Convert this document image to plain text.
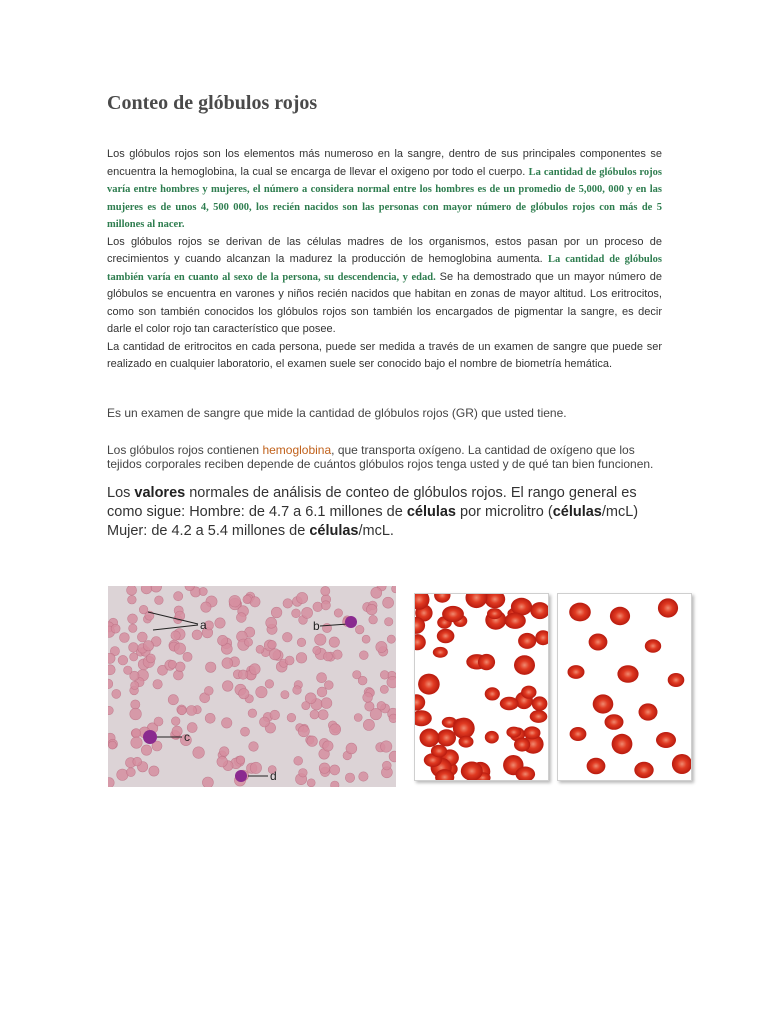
Conteo de glóbulos rojos

Los glóbulos rojos son los elementos más numeroso en la sangre, dentro de sus principales componentes se encuentra la hemoglobina, la cual se encarga de llevar el oxigeno por todo el cuerpo. La cantidad de glóbulos rojos varía entre hombres y mujeres, el número a considera normal entre los hombres es de un promedio de 5,000, 000 y en las mujeres es de unos 4, 500 000, los recién nacidos son las personas con mayor número de glóbulos rojos con más de 5 millones al nacer.

Los glóbulos rojos se derivan de las células madres de los organismos, estos pasan por un proceso de crecimientos y cuando alcanzan la madurez la producción de hemoglobina aumenta. La cantidad de glóbulos también varía en cuanto al sexo de la persona, su descendencia, y edad. Se ha demostrado que un mayor número de glóbulos se encuentra en varones y niños recién nacidos que habitan en zonas de mayor altitud. Los eritrocitos, como son también conocidos los glóbulos rojos son también los encargados de pigmentar la sangre, es decir darle el color rojo tan característico que posee.

La cantidad de eritrocitos en cada persona, puede ser medida a través de un examen de sangre que puede ser realizado en cualquier laboratorio, el examen suele ser conocido bajo el nombre de biometría hemática.

Es un examen de sangre que mide la cantidad de glóbulos rojos (GR) que usted tiene.

Los glóbulos rojos contienen hemoglobina, que transporta oxígeno. La cantidad de oxígeno que los tejidos corporales reciben depende de cuántos glóbulos rojos tenga usted y de qué tan bien funcionen.

Los valores normales de análisis de conteo de glóbulos rojos. El rango general es como sigue: Hombre: de 4.7 a 6.1 millones de células por microlitro (células/mcL) Mujer: de 4.2 a 5.4 millones de células/mcL.

a	b
c
d
